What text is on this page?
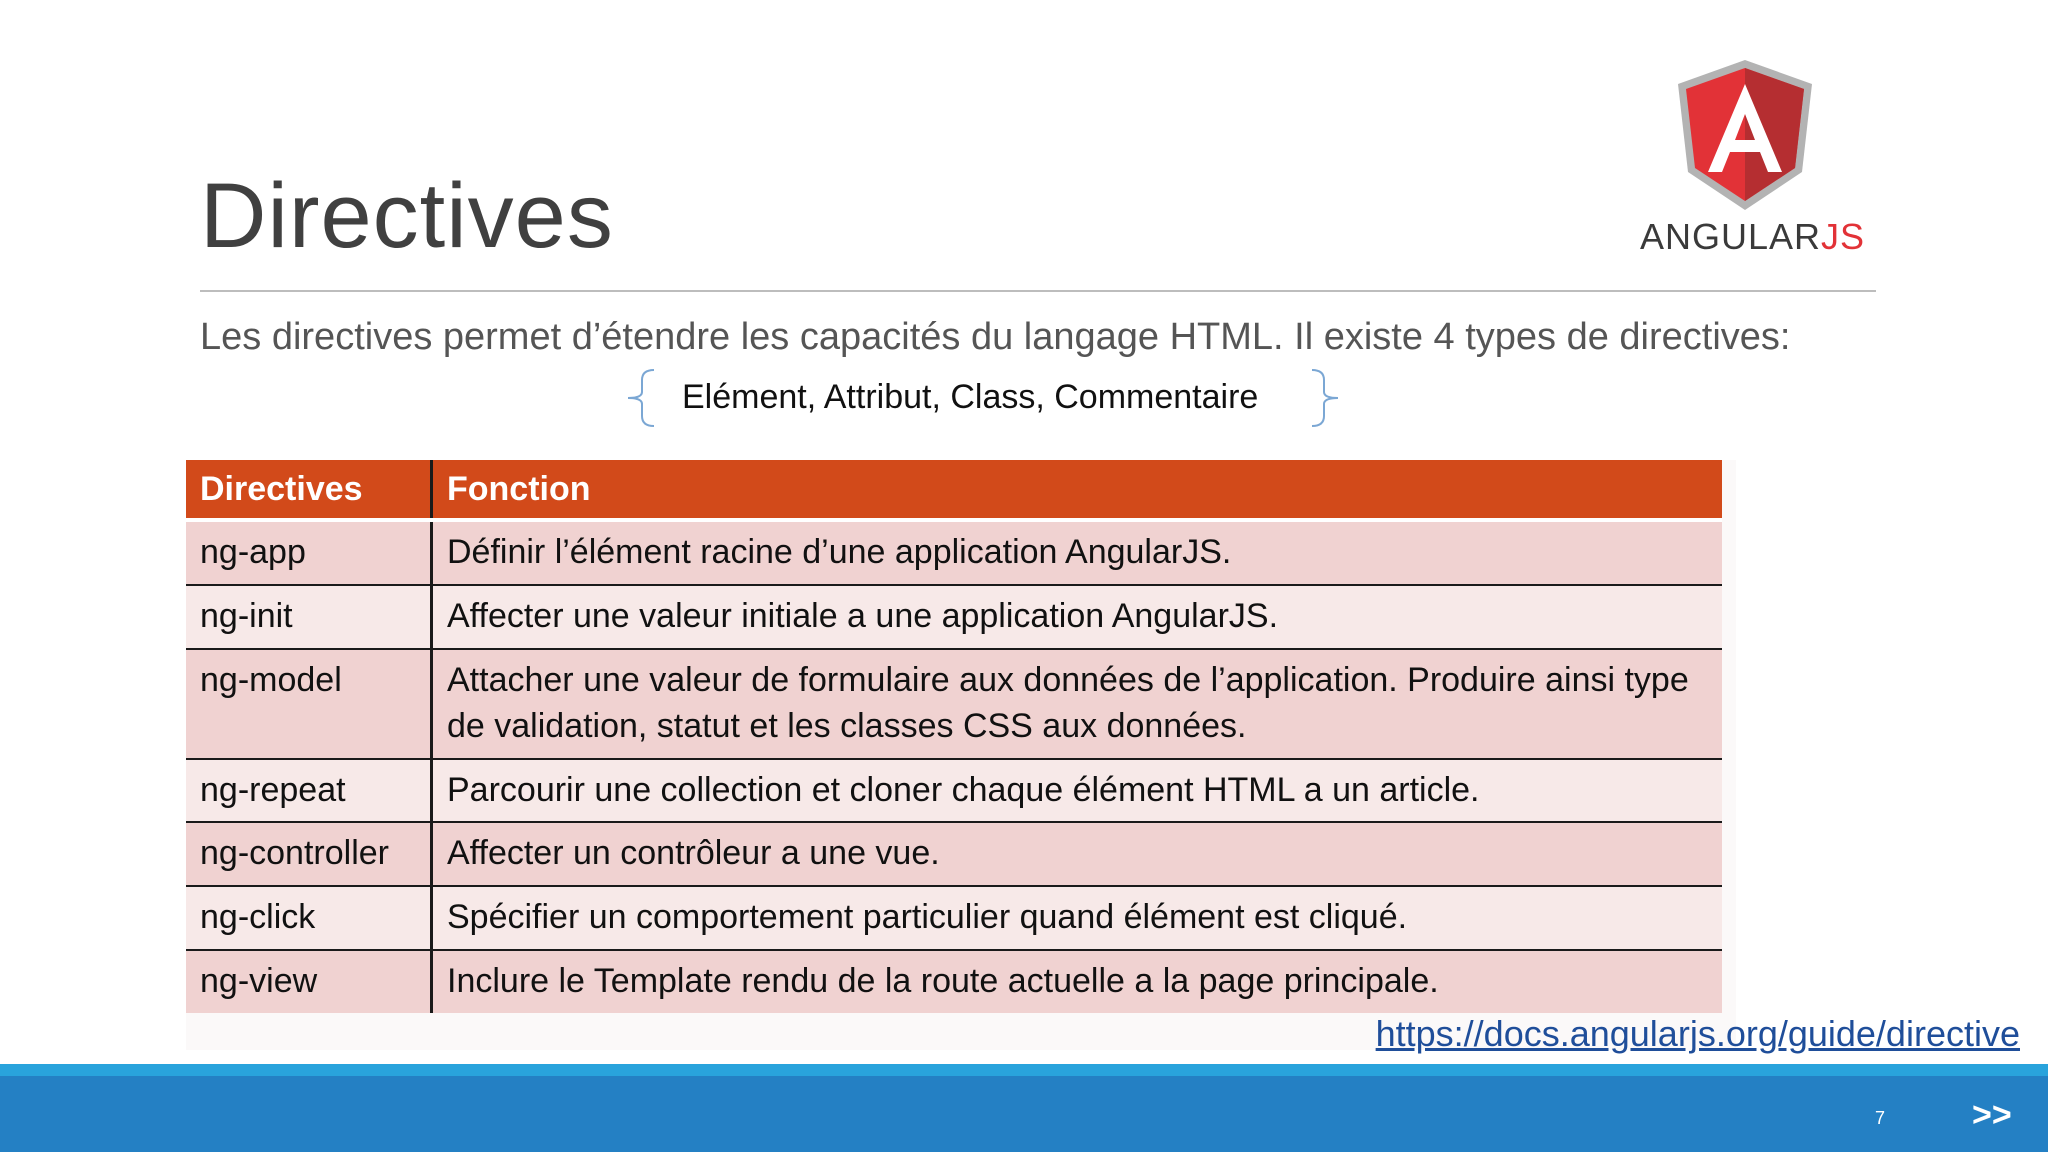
Directives	ANGULARJS
Les directives permet d’étendre les capacités du langage HTML. Il existe 4 types de directives:
Elément, Attribut, Class, Commentaire
Directives	Fonction
ng-app	Définir l’élément racine d’une application AngularJS.
ng-init	Affecter une valeur initiale a une application AngularJS.
ng-model	Attacher une valeur de formulaire aux données de l’application. Produire ainsi type de validation, statut et les classes CSS aux données.
ng-repeat	Parcourir une collection et cloner chaque élément HTML a un article.
ng-controller	Affecter un contrôleur a une vue.
ng-click	Spécifier un comportement particulier quand élément est cliqué.
ng-view	Inclure le Template rendu de la route actuelle a la page principale.
https://docs.angularjs.org/guide/directive
7	>>
